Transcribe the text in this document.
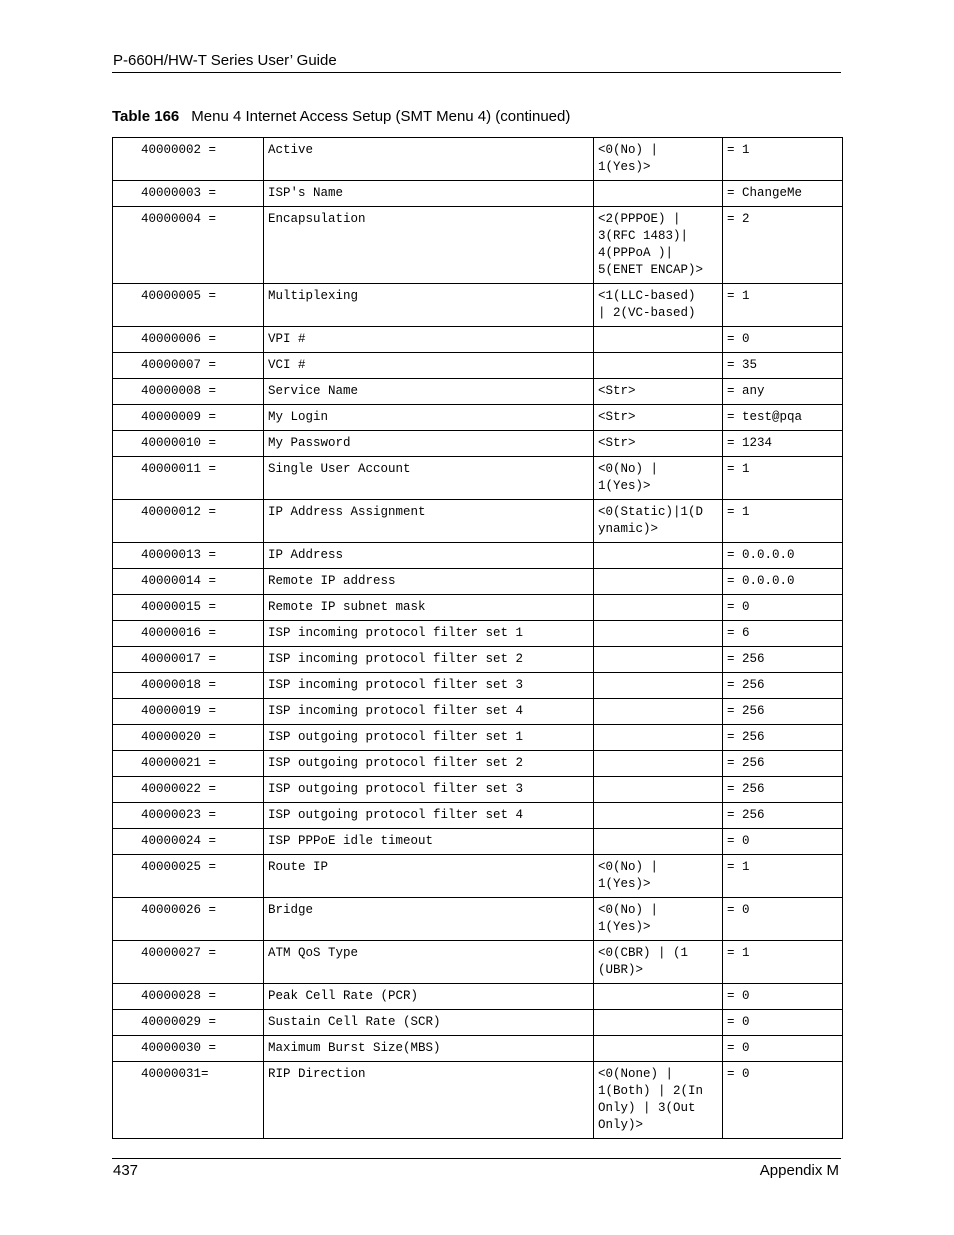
P-660H/HW-T Series User’ Guide
Table 166 Menu 4 Internet Access Setup (SMT Menu 4) (continued)
40000002 =	Active	<0(No) |
1(Yes)>	= 1
40000003 =	ISP's Name		= ChangeMe
40000004 =	Encapsulation	<2(PPPOE) |
3(RFC 1483)|
4(PPPoA )|
5(ENET ENCAP)>	= 2
40000005 =	Multiplexing	<1(LLC-based)
| 2(VC-based)	= 1
40000006 =	VPI #		= 0
40000007 =	VCI #		= 35
40000008 =	Service Name	<Str>	= any
40000009 =	My Login	<Str>	= test@pqa
40000010 =	My Password	<Str>	= 1234
40000011 =	Single User Account	<0(No) |
1(Yes)>	= 1
40000012 =	IP Address Assignment	<0(Static)|1(D
ynamic)>	= 1
40000013 =	IP Address		= 0.0.0.0
40000014 =	Remote IP address		= 0.0.0.0
40000015 =	Remote IP subnet mask		= 0
40000016 =	ISP incoming protocol filter set 1		= 6
40000017 =	ISP incoming protocol filter set 2		= 256
40000018 =	ISP incoming protocol filter set 3		= 256
40000019 =	ISP incoming protocol filter set 4		= 256
40000020 =	ISP outgoing protocol filter set 1		= 256
40000021 =	ISP outgoing protocol filter set 2		= 256
40000022 =	ISP outgoing protocol filter set 3		= 256
40000023 =	ISP outgoing protocol filter set 4		= 256
40000024 =	ISP PPPoE idle timeout		= 0
40000025 =	Route IP	<0(No) |
1(Yes)>	= 1
40000026 =	Bridge	<0(No) |
1(Yes)>	= 0
40000027 =	ATM QoS Type	<0(CBR) | (1
(UBR)>	= 1
40000028 =	Peak Cell Rate (PCR)		= 0
40000029 =	Sustain Cell Rate (SCR)		= 0
40000030 =	Maximum Burst Size(MBS)		= 0
40000031=	RIP Direction	<0(None) |
1(Both) | 2(In
Only) | 3(Out
Only)>	= 0
437	Appendix M
